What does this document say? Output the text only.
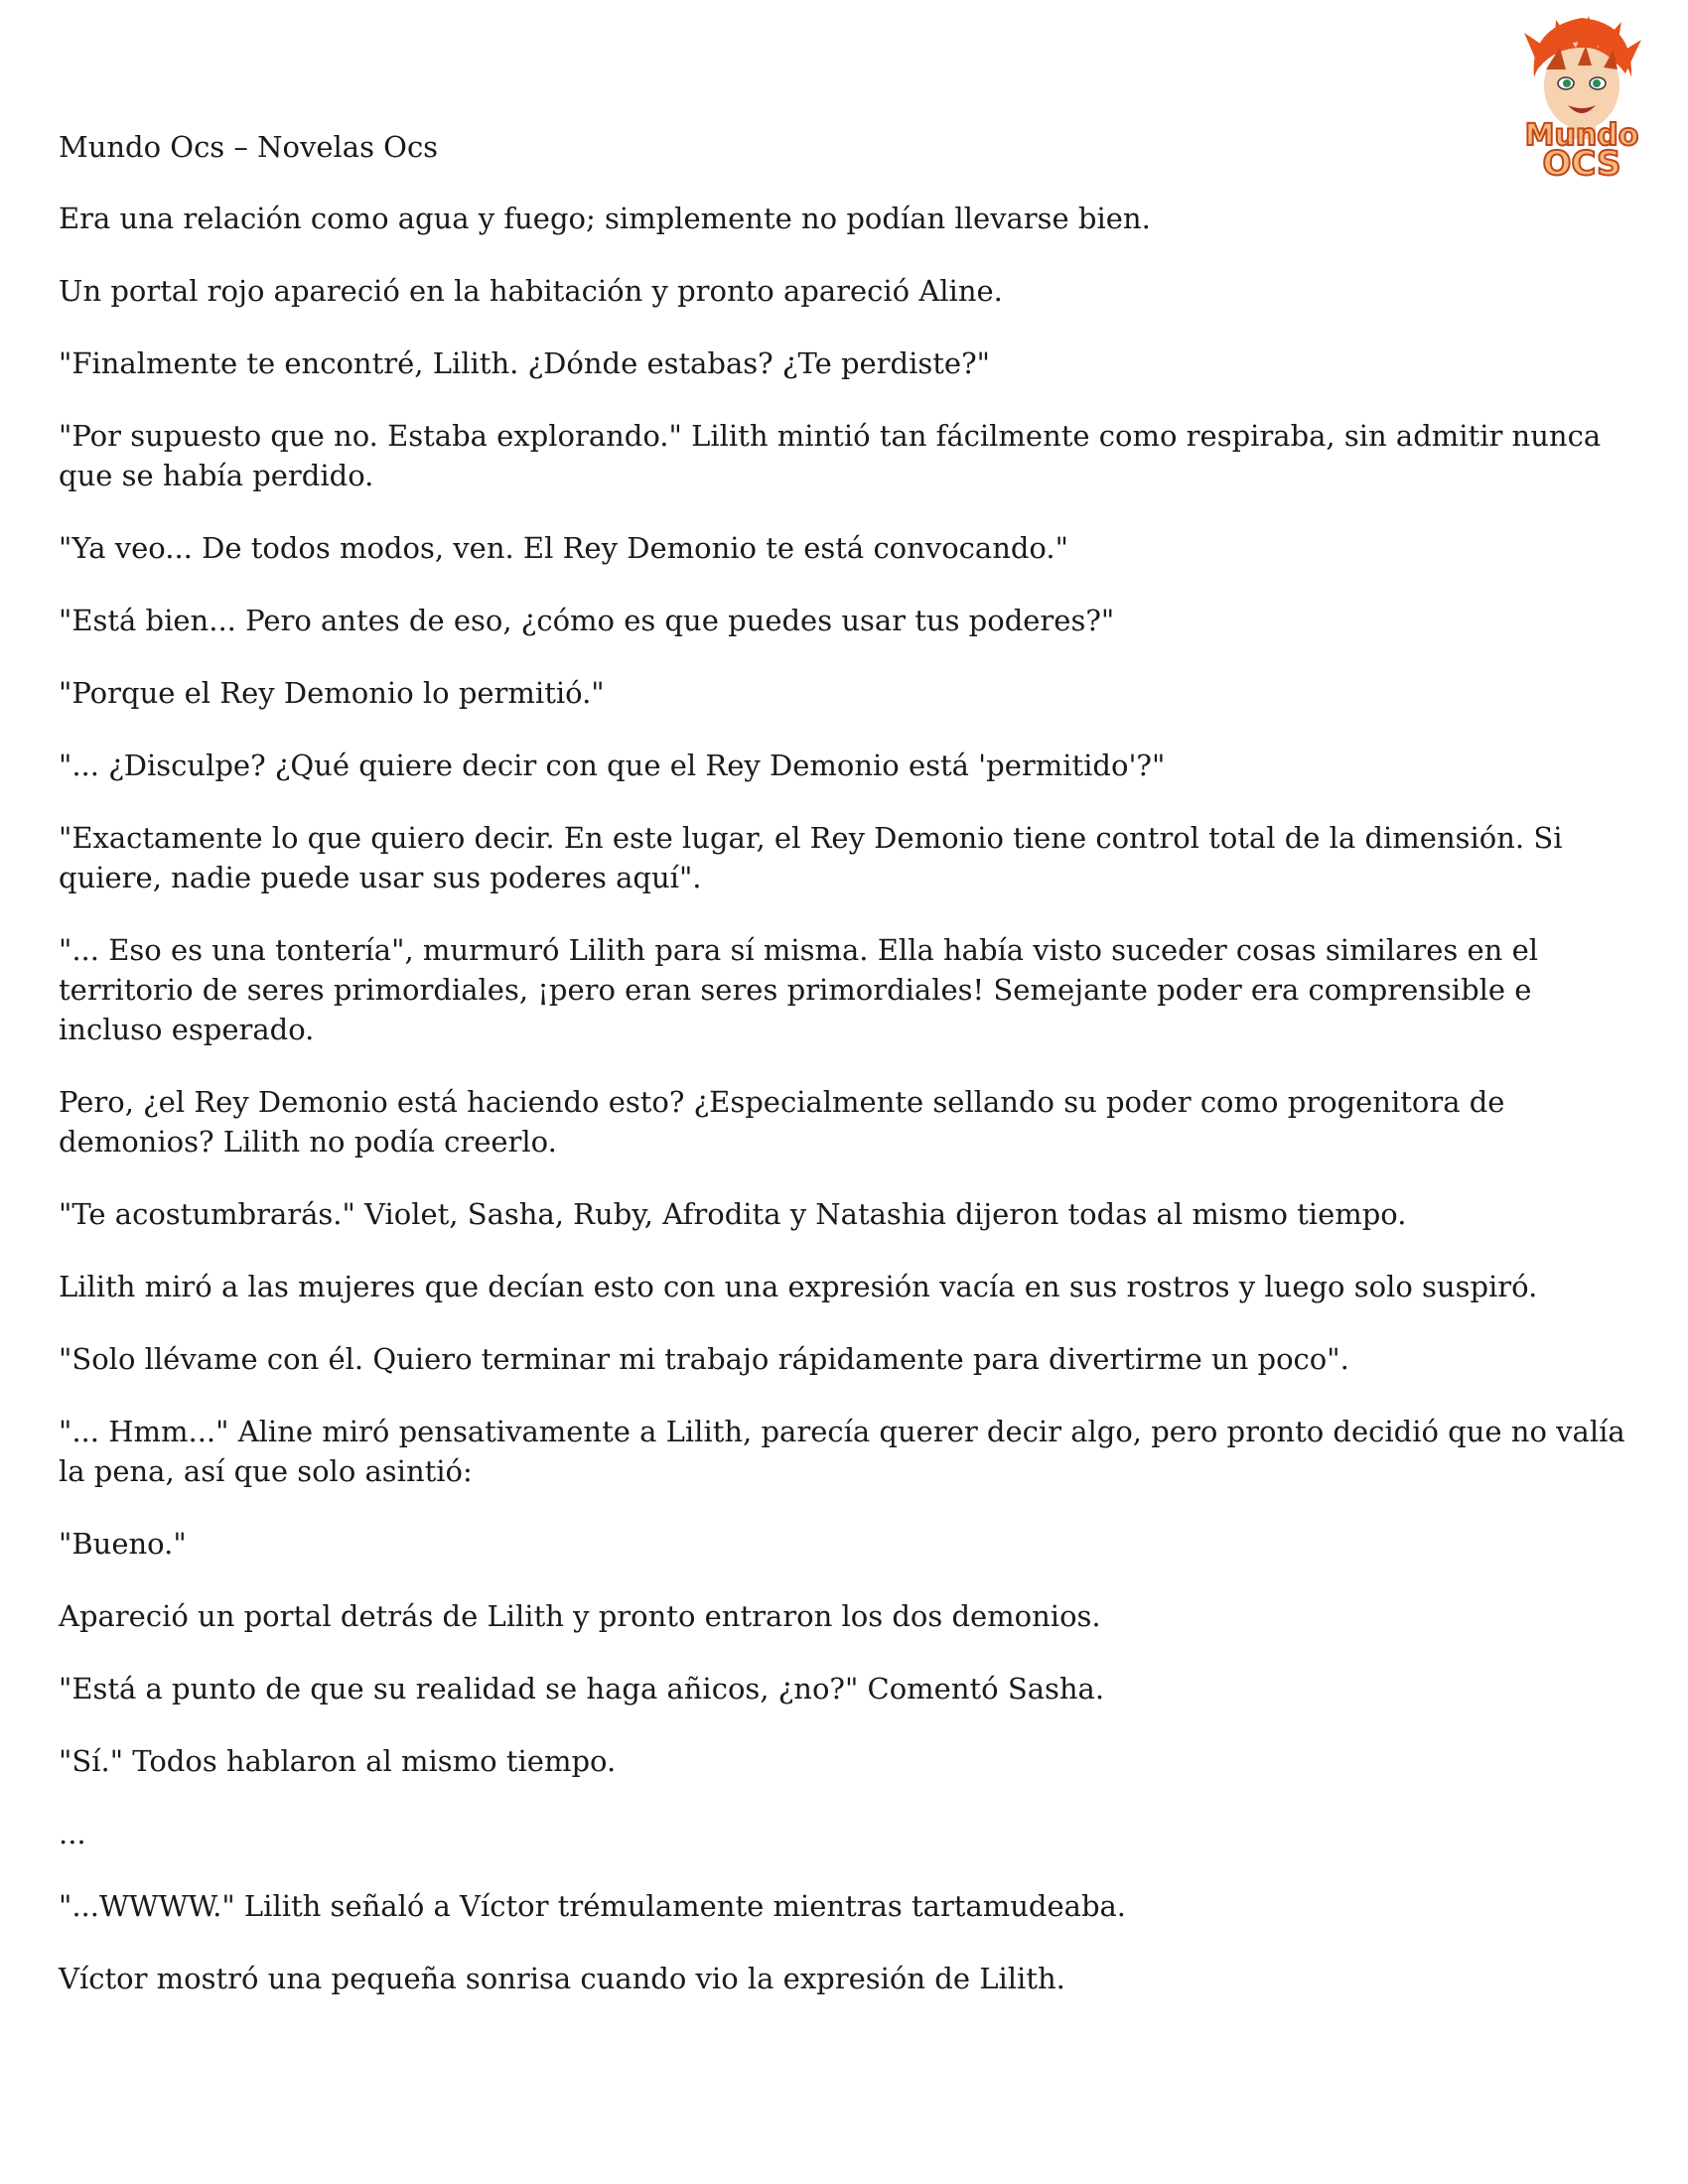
Mundo
OCS

Mundo Ocs – Novelas Ocs

Era una relación como agua y fuego; simplemente no podían llevarse bien.

Un portal rojo apareció en la habitación y pronto apareció Aline.

"Finalmente te encontré, Lilith. ¿Dónde estabas? ¿Te perdiste?"

"Por supuesto que no. Estaba explorando." Lilith mintió tan fácilmente como respiraba, sin admitir nunca que se había perdido.

"Ya veo... De todos modos, ven. El Rey Demonio te está convocando."

"Está bien... Pero antes de eso, ¿cómo es que puedes usar tus poderes?"

"Porque el Rey Demonio lo permitió."

"... ¿Disculpe? ¿Qué quiere decir con que el Rey Demonio está 'permitido'?"

"Exactamente lo que quiero decir. En este lugar, el Rey Demonio tiene control total de la dimensión. Si quiere, nadie puede usar sus poderes aquí".

"... Eso es una tontería", murmuró Lilith para sí misma. Ella había visto suceder cosas similares en el territorio de seres primordiales, ¡pero eran seres primordiales! Semejante poder era comprensible e incluso esperado.

Pero, ¿el Rey Demonio está haciendo esto? ¿Especialmente sellando su poder como progenitora de demonios? Lilith no podía creerlo.

"Te acostumbrarás." Violet, Sasha, Ruby, Afrodita y Natashia dijeron todas al mismo tiempo.

Lilith miró a las mujeres que decían esto con una expresión vacía en sus rostros y luego solo suspiró.

"Solo llévame con él. Quiero terminar mi trabajo rápidamente para divertirme un poco".

"... Hmm..." Aline miró pensativamente a Lilith, parecía querer decir algo, pero pronto decidió que no valía la pena, así que solo asintió:

"Bueno."

Apareció un portal detrás de Lilith y pronto entraron los dos demonios.

"Está a punto de que su realidad se haga añicos, ¿no?" Comentó Sasha.

"Sí." Todos hablaron al mismo tiempo.

...

"...WWWW." Lilith señaló a Víctor trémulamente mientras tartamudeaba.

Víctor mostró una pequeña sonrisa cuando vio la expresión de Lilith.
